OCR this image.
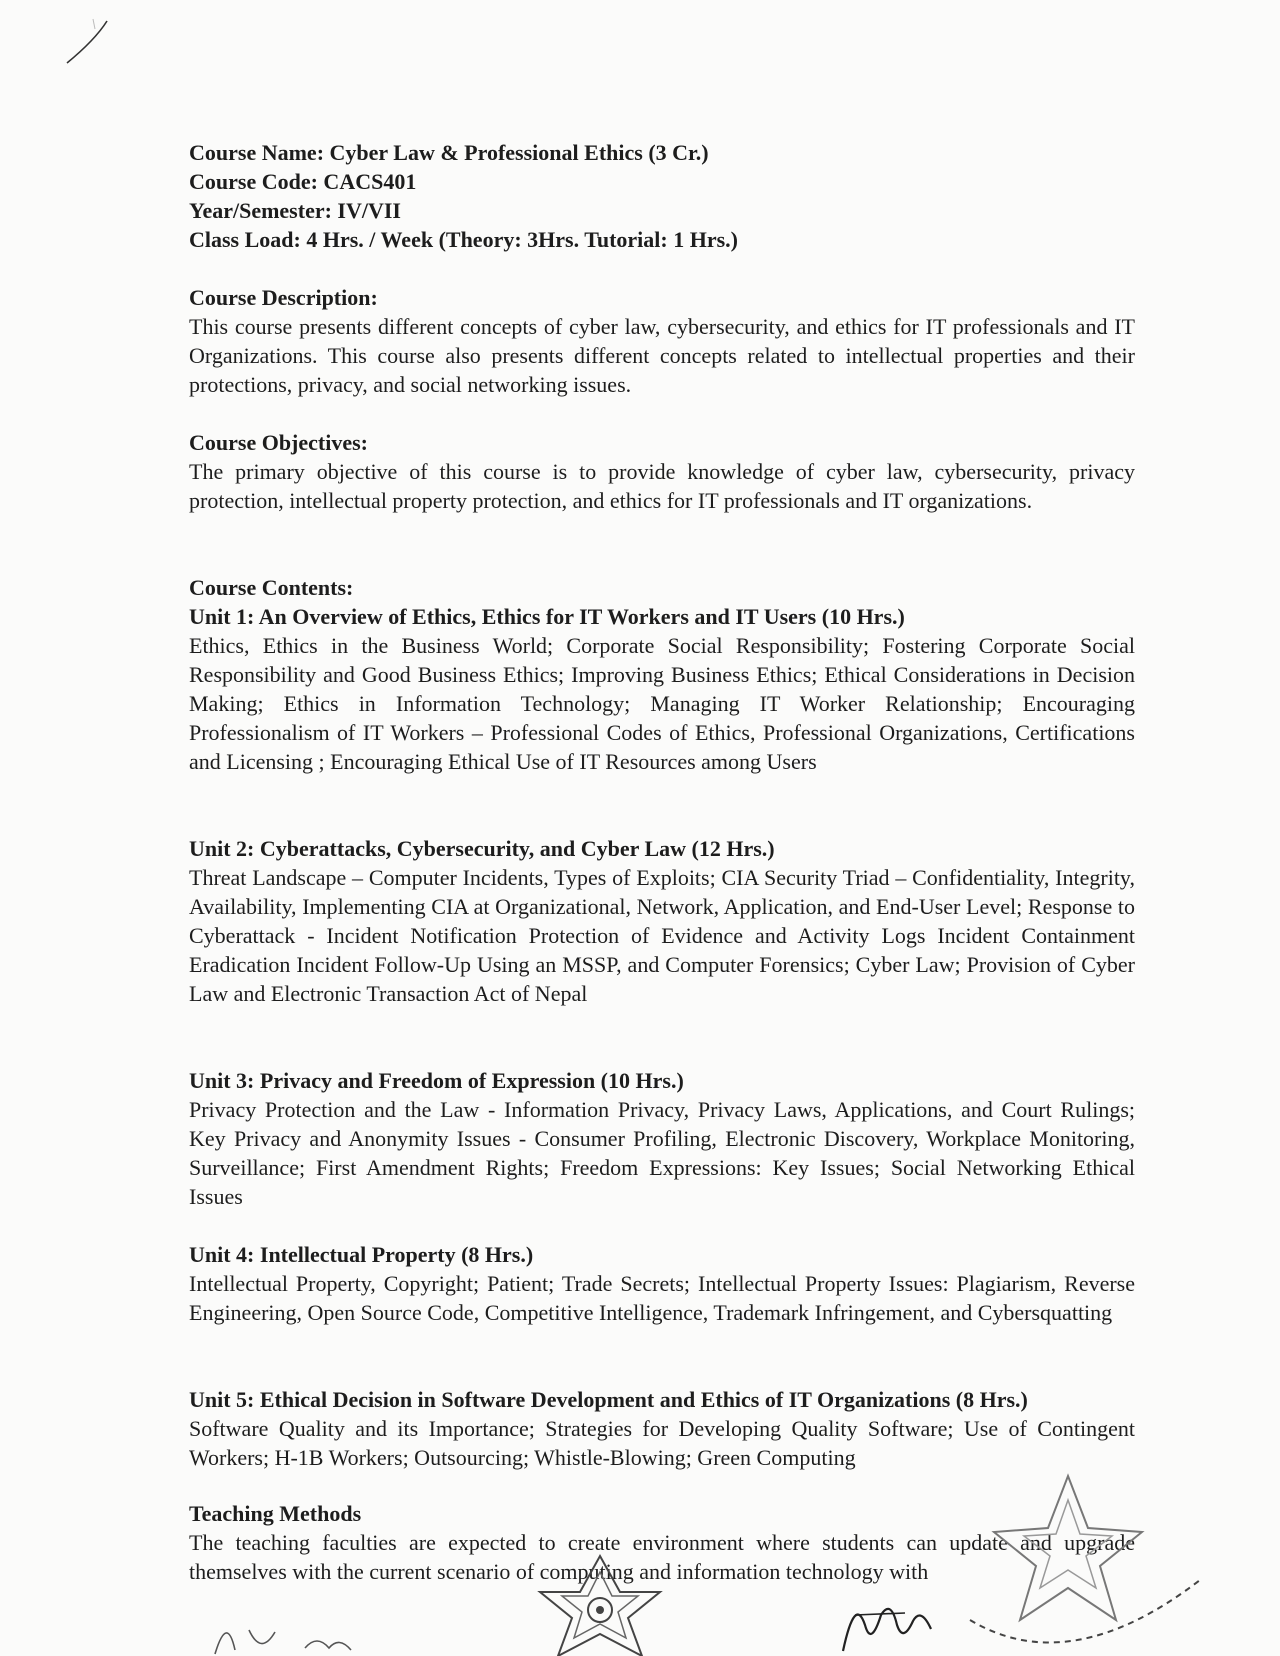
Course Name: Cyber Law & Professional Ethics (3 Cr.)

Course Code: CACS401

Year/Semester: IV/VII

Class Load: 4 Hrs. / Week (Theory: 3Hrs. Tutorial: 1 Hrs.)

Course Description:

This course presents different concepts of cyber law, cybersecurity, and ethics for IT professionals and IT Organizations. This course also presents different concepts related to intellectual properties and their protections, privacy, and social networking issues.

Course Objectives:

The primary objective of this course is to provide knowledge of cyber law, cybersecurity, privacy protection, intellectual property protection, and ethics for IT professionals and IT organizations.

Course Contents:

Unit 1: An Overview of Ethics, Ethics for IT Workers and IT Users (10 Hrs.)

Ethics, Ethics in the Business World; Corporate Social Responsibility; Fostering Corporate Social Responsibility and Good Business Ethics; Improving Business Ethics; Ethical Considerations in Decision Making; Ethics in Information Technology; Managing IT Worker Relationship; Encouraging Professionalism of IT Workers – Professional Codes of Ethics, Professional Organizations, Certifications and Licensing ; Encouraging Ethical Use of IT Resources among Users

Unit 2: Cyberattacks, Cybersecurity, and Cyber Law (12 Hrs.)

Threat Landscape – Computer Incidents, Types of Exploits; CIA Security Triad – Confidentiality, Integrity, Availability, Implementing CIA at Organizational, Network, Application, and End-User Level; Response to Cyberattack - Incident Notification Protection of Evidence and Activity Logs Incident Containment Eradication Incident Follow-Up Using an MSSP, and Computer Forensics; Cyber Law; Provision of Cyber Law and Electronic Transaction Act of Nepal

Unit 3: Privacy and Freedom of Expression (10 Hrs.)

Privacy Protection and the Law - Information Privacy, Privacy Laws, Applications, and Court Rulings; Key Privacy and Anonymity Issues - Consumer Profiling, Electronic Discovery, Workplace Monitoring, Surveillance; First Amendment Rights; Freedom Expressions: Key Issues; Social Networking Ethical Issues

Unit 4: Intellectual Property (8 Hrs.)

Intellectual Property, Copyright; Patient; Trade Secrets; Intellectual Property Issues: Plagiarism, Reverse Engineering, Open Source Code, Competitive Intelligence, Trademark Infringement, and Cybersquatting

Unit 5: Ethical Decision in Software Development and Ethics of IT Organizations (8 Hrs.)

Software Quality and its Importance; Strategies for Developing Quality Software; Use of Contingent Workers; H-1B Workers; Outsourcing; Whistle-Blowing; Green Computing

Teaching Methods

The teaching faculties are expected to create environment where students can update and upgrade themselves with the current scenario of computing and information technology with
